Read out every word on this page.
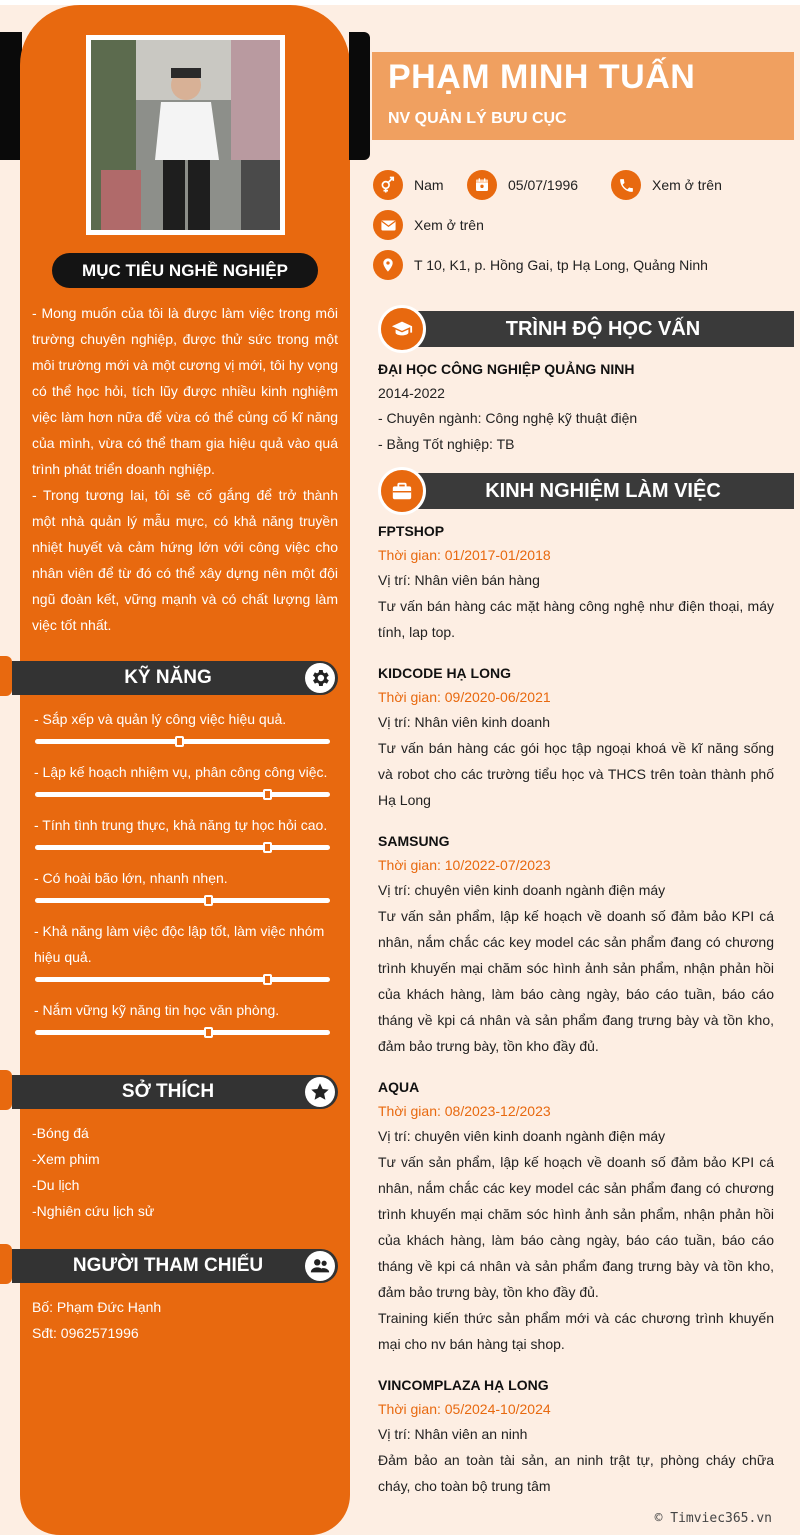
MỤC TIÊU NGHỀ NGHIỆP

- Mong muốn của tôi là được làm việc trong môi trường chuyên nghiệp, được thử sức trong một môi trường mới và một cương vị mới, tôi hy vọng có thể học hỏi, tích lũy được nhiều kinh nghiệm việc làm hơn nữa để vừa có thể củng cố kĩ năng của mình, vừa có thể tham gia hiệu quả vào quá trình phát triển doanh nghiệp.

- Trong tương lai, tôi sẽ cố gắng để trở thành một nhà quản lý mẫu mực, có khả năng truyền nhiệt huyết và cảm hứng lớn với công việc cho nhân viên để từ đó có thể xây dựng nên một đội ngũ đoàn kết, vững mạnh và có chất lượng làm việc tốt nhất.

KỸ NĂNG
- Sắp xếp và quản lý công việc hiệu quả.
- Lập kế hoạch nhiệm vụ, phân công công việc.
- Tính tình trung thực, khả năng tự học hỏi cao.
- Có hoài bão lớn, nhanh nhẹn.
- Khả năng làm việc độc lập tốt, làm việc nhóm hiệu quả.
- Nắm vững kỹ năng tin học văn phòng.
SỞ THÍCH
-Bóng đá
-Xem phim
-Du lịch
-Nghiên cứu lịch sử
NGƯỜI THAM CHIẾU
Bố: Phạm Đức Hạnh
Sđt: 0962571996
PHẠM MINH TUẤN
NV QUẢN LÝ BƯU CỤC
Nam	05/07/1996	Xem ở trên
Xem ở trên
T 10, K1, p. Hồng Gai, tp Hạ Long, Quảng Ninh
TRÌNH ĐỘ HỌC VẤN
ĐẠI HỌC CÔNG NGHIỆP QUẢNG NINH
2014-2022
- Chuyên ngành: Công nghệ kỹ thuật điện
- Bằng Tốt nghiệp: TB
KINH NGHIỆM LÀM VIỆC
FPTSHOP
Thời gian: 01/2017-01/2018
Vị trí: Nhân viên bán hàng
Tư vấn bán hàng các mặt hàng công nghệ như điện thoại, máy tính, lap top.
KIDCODE HẠ LONG
Thời gian: 09/2020-06/2021
Vị trí: Nhân viên kinh doanh
Tư vấn bán hàng các gói học tập ngoại khoá về kĩ năng sống và robot cho các trường tiểu học và THCS trên toàn thành phố Hạ Long
SAMSUNG
Thời gian: 10/2022-07/2023
Vị trí: chuyên viên kinh doanh ngành điện máy
Tư vấn sản phẩm, lập kế hoạch về doanh số đảm bảo KPI cá nhân, nắm chắc các key model các sản phẩm đang có chương trình khuyến mại chăm sóc hình ảnh sản phẩm, nhận phản hồi của khách hàng, làm báo càng ngày, báo cáo tuần, báo cáo tháng về kpi cá nhân và sản phẩm đang trưng bày và tồn kho, đảm bảo trưng bày, tồn kho đầy đủ.
AQUA
Thời gian: 08/2023-12/2023
Vị trí: chuyên viên kinh doanh ngành điện máy
Tư vấn sản phẩm, lập kế hoạch về doanh số đảm bảo KPI cá nhân, nắm chắc các key model các sản phẩm đang có chương trình khuyến mại chăm sóc hình ảnh sản phẩm, nhận phản hồi của khách hàng, làm báo càng ngày, báo cáo tuần, báo cáo tháng về kpi cá nhân và sản phẩm đang trưng bày và tồn kho, đảm bảo trưng bày, tồn kho đầy đủ.
Training kiến thức sản phẩm mới và các chương trình khuyến mại cho nv bán hàng tại shop.
VINCOMPLAZA HẠ LONG
Thời gian: 05/2024-10/2024
Vị trí: Nhân viên an ninh
Đảm bảo an toàn tài sản, an ninh trật tự, phòng cháy chữa cháy, cho toàn bộ trung tâm
© Timviec365.vn
